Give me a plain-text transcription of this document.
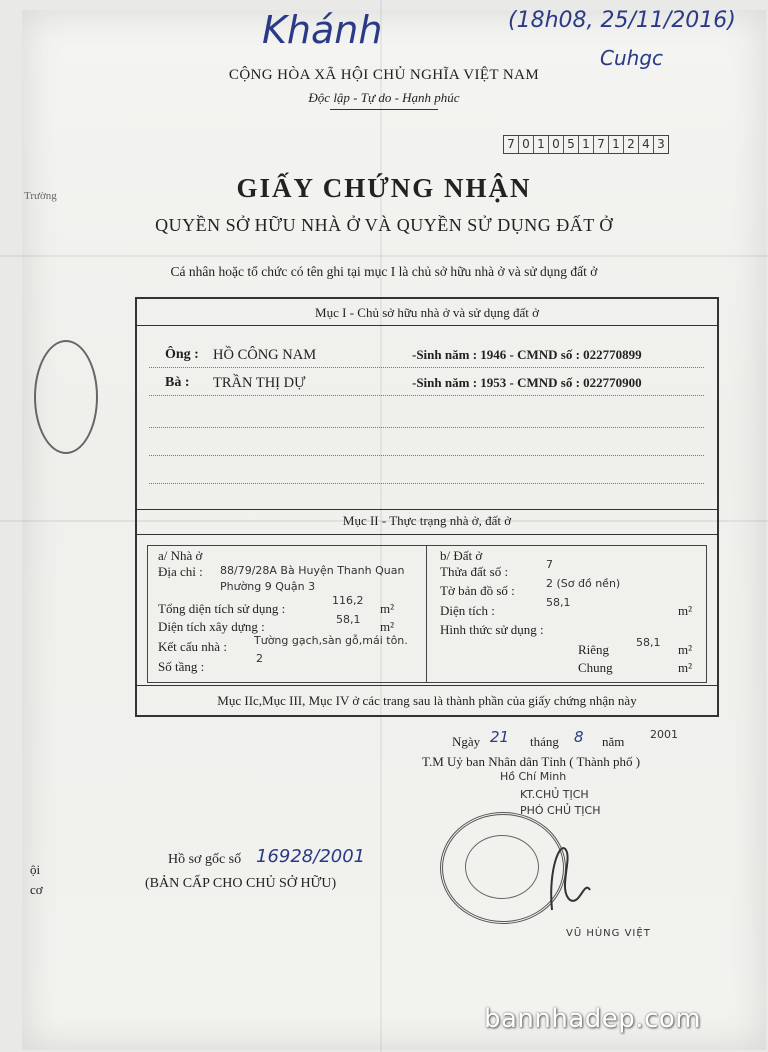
Khánh	(18h08, 25/11/2016)
Cuhgc
CỘNG HÒA XÃ HỘI CHỦ NGHĨA VIỆT NAM
Độc lập - Tự do - Hạnh phúc
7 0 1 0 5 1 7 1 2 4 3
Trường	GIẤY CHỨNG NHẬN
QUYỀN SỞ HỮU NHÀ Ở VÀ QUYỀN SỬ DỤNG ĐẤT Ở
Cá nhân hoặc tổ chức có tên ghi tại mục I là chủ sở hữu nhà ở và sử dụng đất ở
Mục I - Chủ sở hữu nhà ở và sử dụng đất ở
Ông : HỒ CÔNG NAM	-Sinh năm : 1946 - CMND số : 022770899
Bà : TRẦN THỊ DỰ	-Sinh năm : 1953 - CMND số : 022770900
Mục II - Thực trạng nhà ở, đất ở
a/ Nhà ở
Địa chỉ : 88/79/28A Bà Huyện Thanh Quan
Phường 9 Quận 3
Tổng diện tích sử dụng :
116,2
m²
Diện tích xây dựng :	58,1 m²
Kết cấu nhà : Tường gạch,sàn gỗ,mái tôn.
Số tầng :
2
b/ Đất ở
Thửa đất số :	7
Tờ bản đồ số :	2 (Sơ đồ nền)
Diện tích :
58,1
m²
Hình thức sử dụng :
Riêng 58,1 m²
Chung	m²
Mục IIc,Mục III, Mục IV ở các trang sau là thành phần của giấy chứng nhận này
Ngày 21 tháng 8 năm 2001
T.M Uỷ ban Nhân dân Tỉnh ( Thành phố )
Hồ Chí Minh
KT.CHỦ TỊCH
PHÓ CHỦ TỊCH
VŨ HÙNG VIỆT
Hồ sơ gốc số 16928/2001
(BẢN CẤP CHO CHỦ SỞ HỮU)
ội
cơ
bannhadep.com
